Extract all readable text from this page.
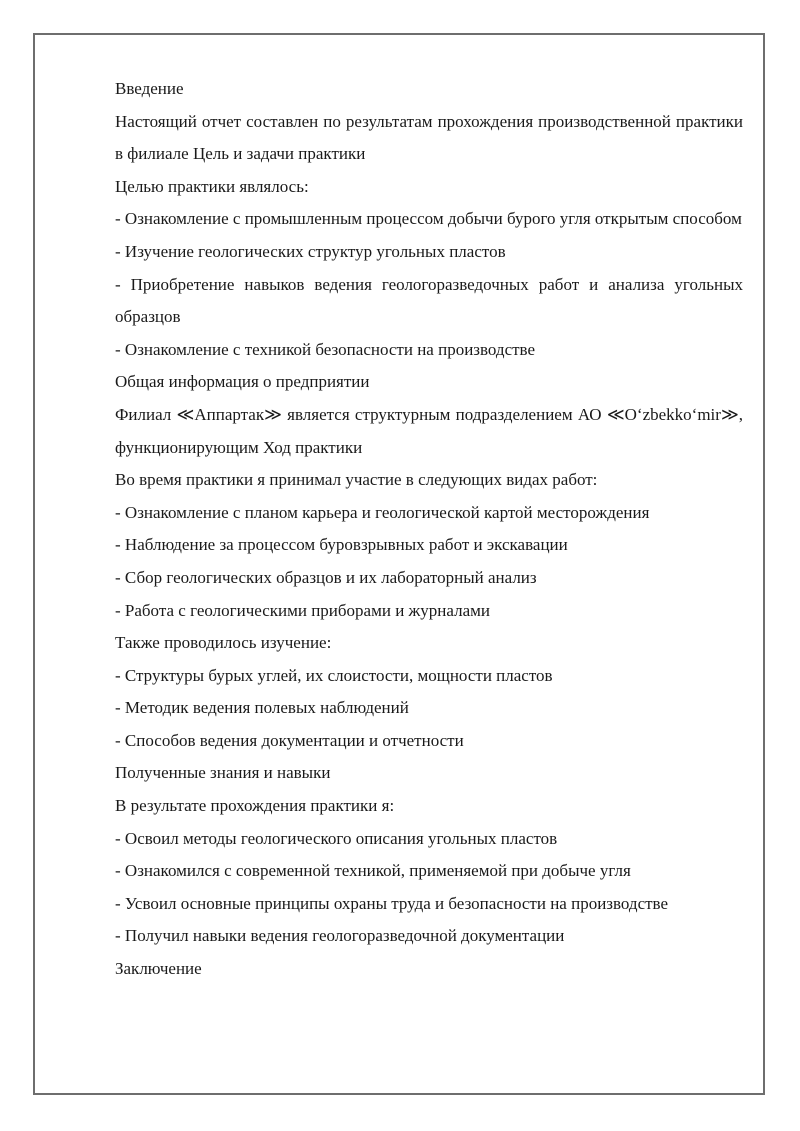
Введение

Настоящий отчет составлен по результатам прохождения производственной практики в филиале Цель и задачи практики

Целью практики являлось:

- Ознакомление с промышленным процессом добычи бурого угля открытым способом

- Изучение геологических структур угольных пластов

- Приобретение навыков ведения геологоразведочных работ и анализа угольных образцов

- Ознакомление с техникой безопасности на производстве

Общая информация о предприятии

Филиал ≪Аппартак≫ является структурным подразделением АО ≪O‘zbekko‘mir≫, функционирующим Ход практики

Во время практики я принимал участие в следующих видах работ:

- Ознакомление с планом карьера и геологической картой месторождения

- Наблюдение за процессом буровзрывных работ и экскавации

- Сбор геологических образцов и их лабораторный анализ

- Работа с геологическими приборами и журналами

Также проводилось изучение:

- Структуры бурых углей, их слоистости, мощности пластов

- Методик ведения полевых наблюдений

- Способов ведения документации и отчетности

Полученные знания и навыки

В результате прохождения практики я:

- Освоил методы геологического описания угольных пластов

- Ознакомился с современной техникой, применяемой при добыче угля

- Усвоил основные принципы охраны труда и безопасности на производстве

- Получил навыки ведения геологоразведочной документации

Заключение
